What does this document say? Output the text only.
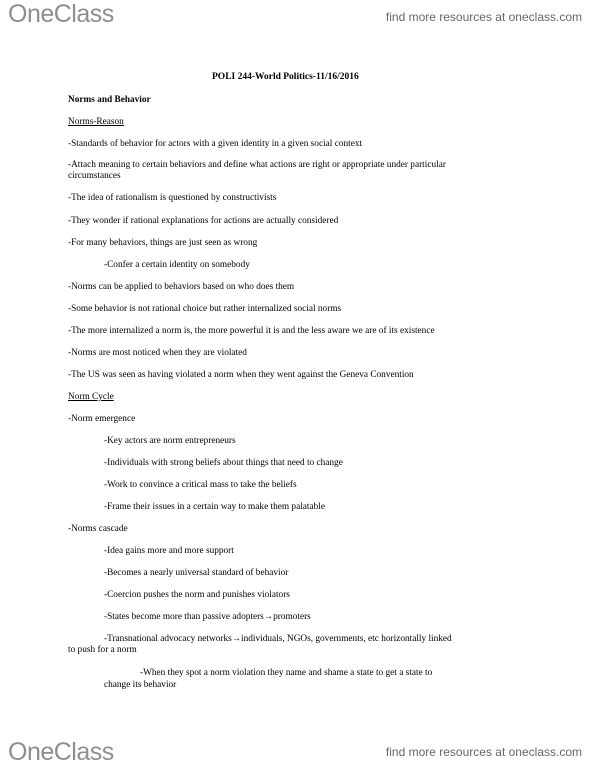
OneClass	find more resources at oneclass.com
POLI 244-World Politics-11/16/2016
Norms and Behavior
Norms-Reason
-Standards of behavior for actors with a given identity in a given social context
-Attach meaning to certain behaviors and define what actions are right or appropriate under particular
circumstances
-The idea of rationalism is questioned by constructivists
-They wonder if rational explanations for actions are actually considered
-For many behaviors, things are just seen as wrong
-Confer a certain identity on somebody
-Norms can be applied to behaviors based on who does them
-Some behavior is not rational choice but rather internalized social norms
-The more internalized a norm is, the more powerful it is and the less aware we are of its existence
-Norms are most noticed when they are violated
-The US was seen as having violated a norm when they went against the Geneva Convention
Norm Cycle
-Norm emergence
-Key actors are norm entrepreneurs
-Individuals with strong beliefs about things that need to change
-Work to convince a critical mass to take the beliefs
-Frame their issues in a certain way to make them palatable
-Norms cascade
-Idea gains more and more support
-Becomes a nearly universal standard of behavior
-Coercion pushes the norm and punishes violators
-States become more than passive adopters→promoters
-Transnational advocacy networks→individuals, NGOs, governments, etc horizontally linked
to push for a norm
-When they spot a norm violation they name and shame a state to get a state to
change its behavior
OneClass	find more resources at oneclass.com
